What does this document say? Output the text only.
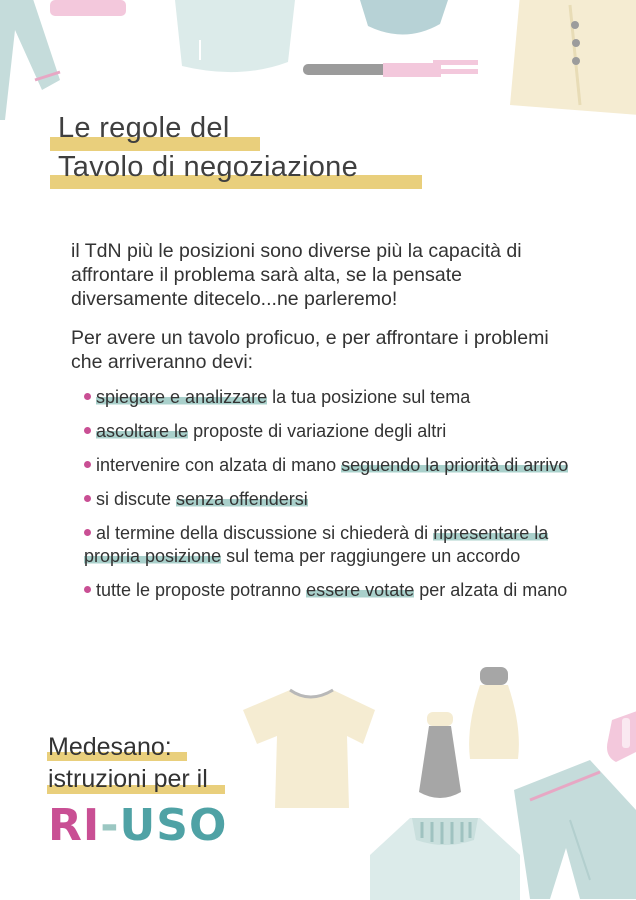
Le regole del
Tavolo di negoziazione
il TdN più le posizioni sono diverse più la capacità di affrontare il problema sarà alta, se la pensate diversamente ditecelo...ne parleremo!
Per avere un tavolo proficuo, e per affrontare i problemi che arriveranno devi:
spiegare e analizzare la tua posizione sul tema
ascoltare le proposte di variazione degli altri
intervenire con alzata di mano seguendo la priorità di arrivo
si discute senza offendersi
al termine della discussione si chiederà di ripresentare la propria posizione sul tema per raggiungere un accordo
tutte le proposte potranno essere votate per alzata di mano
Medesano:
istruzioni per il
RI-USO
